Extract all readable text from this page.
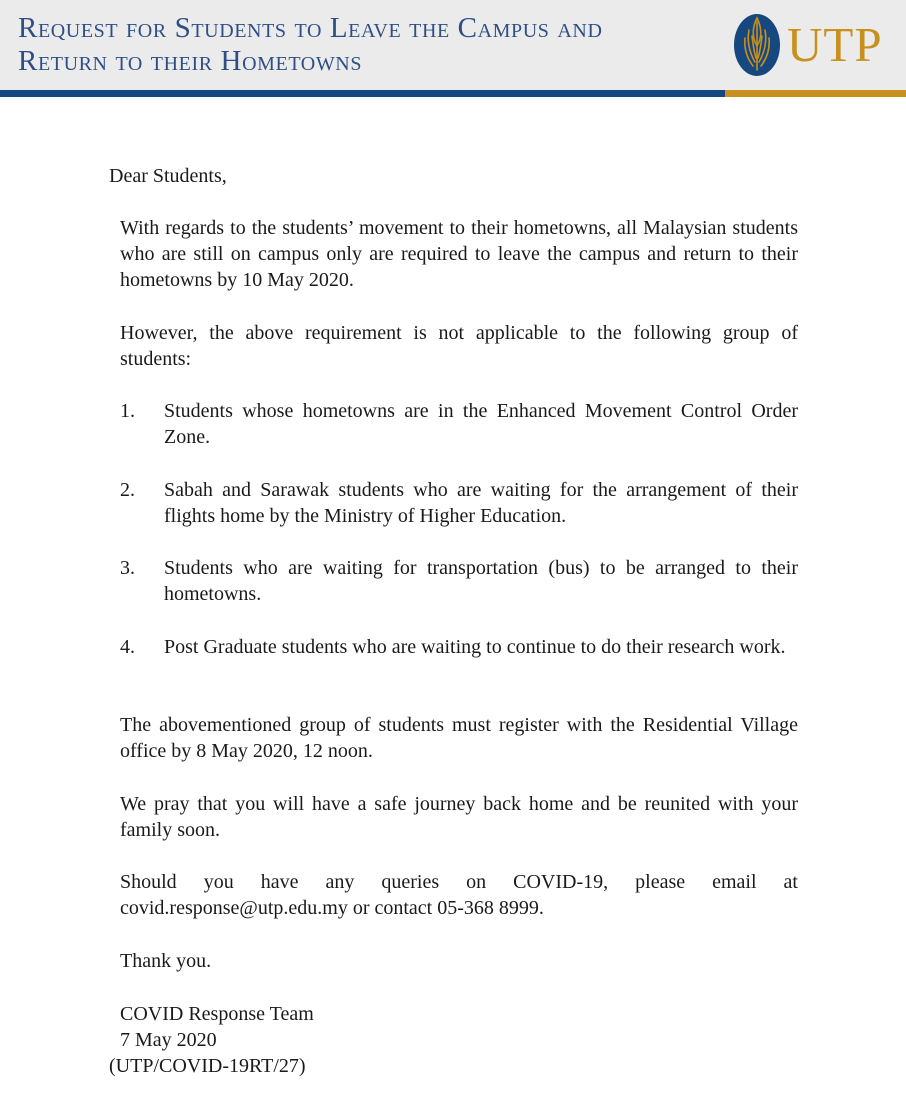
Request for Students to Leave the Campus and
Return to their Hometowns	UTP

Dear Students,

With regards to the students’ movement to their hometowns, all Malaysian students who are still on campus only are required to leave the campus and return to their hometowns by 10 May 2020.

However, the above requirement is not applicable to the following group of students:

1.	Students whose hometowns are in the Enhanced Movement Control Order Zone.
2.	Sabah and Sarawak students who are waiting for the arrangement of their flights home by the Ministry of Higher Education.
3.	Students who are waiting for transportation (bus) to be arranged to their hometowns.
4.	Post Graduate students who are waiting to continue to do their research work.

The abovementioned group of students must register with the Residential Village office by 8 May 2020, 12 noon.

We pray that you will have a safe journey back home and be reunited with your family soon.

Should you have any queries on COVID-19, please email at covid.response@utp.edu.my or contact 05-368 8999.

Thank you.

COVID Response Team

7 May 2020

(UTP/COVID-19RT/27)
